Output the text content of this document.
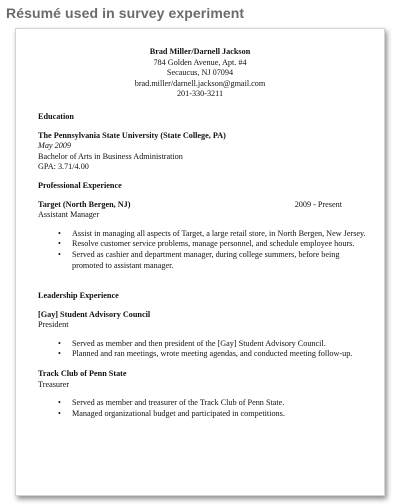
Résumé used in survey experiment
Brad Miller/Darnell Jackson
784 Golden Avenue, Apt. #4
Secaucus, NJ 07094
brad.miller/darnell.jackson@gmail.com
201-330-3211
Education
The Pennsylvania State University (State College, PA)
May 2009
Bachelor of Arts in Business Administration
GPA: 3.71/4.00
Professional Experience
Target (North Bergen, NJ)	2009 - Present
Assistant Manager
• Assist in managing all aspects of Target, a large retail store, in North Bergen, New Jersey.
• Resolve customer service problems, manage personnel, and schedule employee hours.
• Served as cashier and department manager, during college summers, before being promoted to assistant manager.
Leadership Experience
[Gay] Student Advisory Council
President
• Served as member and then president of the [Gay] Student Advisory Council.
• Planned and ran meetings, wrote meeting agendas, and conducted meeting follow-up.
Track Club of Penn State
Treasurer
• Served as member and treasurer of the Track Club of Penn State.
• Managed organizational budget and participated in competitions.
